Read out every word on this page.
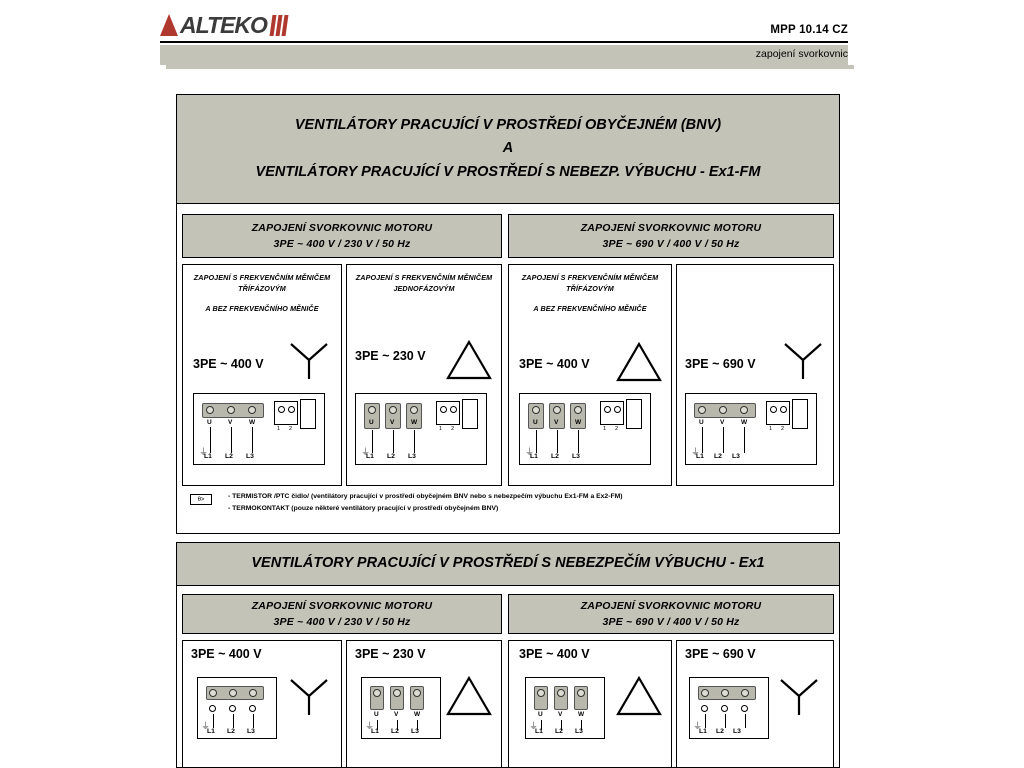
ALTEKO	MPP 10.14 CZ
zapojení svorkovnic
VENTILÁTORY PRACUJÍCÍ V PROSTŘEDÍ OBYČEJNÉM (BNV)
A
VENTILÁTORY PRACUJÍCÍ V PROSTŘEDÍ S NEBEZP. VÝBUCHU - Ex1-FM
ZAPOJENÍ SVORKOVNIC MOTORU
3PE ~ 400 V / 230 V / 50 Hz
ZAPOJENÍ SVORKOVNIC MOTORU
3PE ~ 690 V / 400 V / 50 Hz
ZAPOJENÍ S FREKVENČNÍM MĚNIČEM
TŘÍFÁZOVÝM
A BEZ FREKVENČNÍHO MĚNIČE
3PE ~ 400 V
U	V	W
L1 L2 L3
⏚
1 2
ZAPOJENÍ S FREKVENČNÍM MĚNIČEM
JEDNOFÁZOVÝM
3PE ~ 230 V
U	V	W
L1 L2 L3
⏚
1 2
ZAPOJENÍ S FREKVENČNÍM MĚNIČEM
TŘÍFÁZOVÝM
A BEZ FREKVENČNÍHO MĚNIČE
3PE ~ 400 V
U	V	W
L1 L2 L3
⏚
1 2
3PE ~ 690 V
U	V	W
L1 L2 L3
⏚
1 2
θ>	- TERMISTOR /PTC čidlo/ (ventilátory pracující v prostředí obyčejném BNV nebo s nebezpečím výbuchu Ex1-FM a Ex2-FM)
- TERMOKONTAKT (pouze některé ventilátory pracující v prostředí obyčejném BNV)
VENTILÁTORY PRACUJÍCÍ V PROSTŘEDÍ S NEBEZPEČÍM VÝBUCHU - Ex1
ZAPOJENÍ SVORKOVNIC MOTORU
3PE ~ 400 V / 230 V / 50 Hz
ZAPOJENÍ SVORKOVNIC MOTORU
3PE ~ 690 V / 400 V / 50 Hz
3PE ~ 400 V
L1 L2 L3
⏚
3PE ~ 230 V
U V W
L1 L2 L3
⏚
3PE ~ 400 V
U V W
L1 L2 L3
⏚
3PE ~ 690 V
L1 L2 L3
⏚
